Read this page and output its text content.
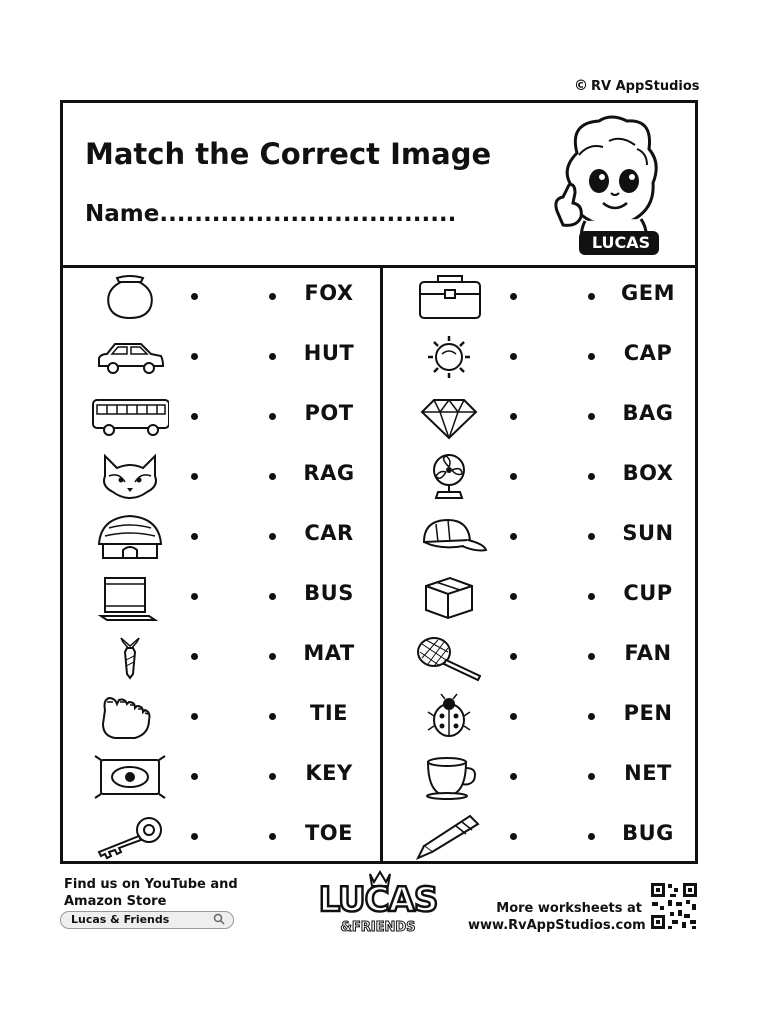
© RV AppStudios
Match the Correct Image
Name..................................
LUCAS
FOX
HUT
POT
RAG
CAR
BUS
MAT
TIE
KEY
TOE
GEM
CAP
BAG
BOX
SUN
CUP
FAN
PEN
NET
BUG
Find us on YouTube and
Amazon Store
Lucas & Friends	LUCAS
&FRIENDS
More worksheets at
www.RvAppStudios.com
